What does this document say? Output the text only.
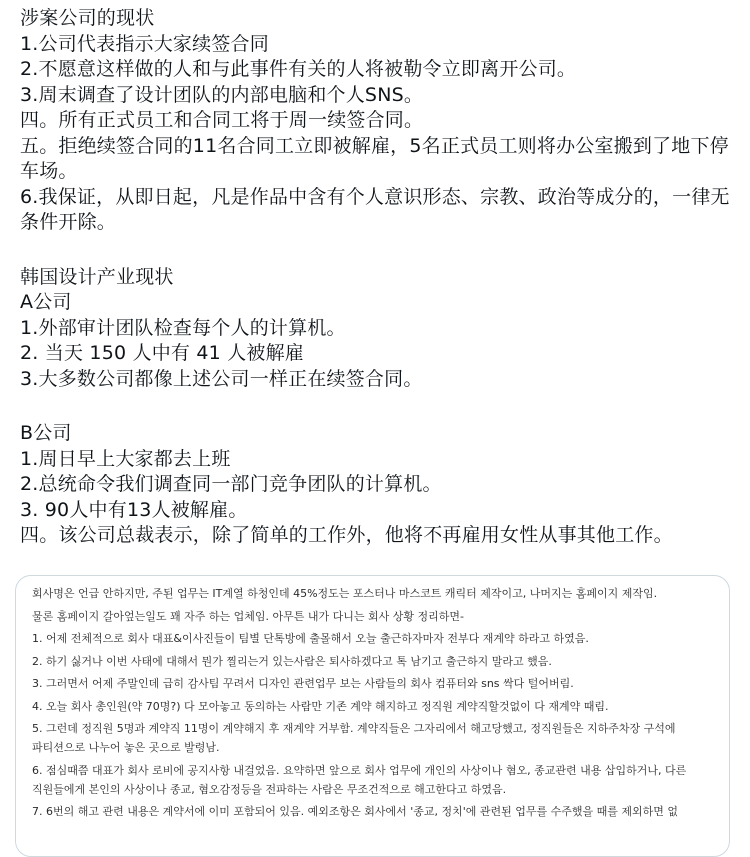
涉案公司的现状
1.公司代表指示大家续签合同
2.不愿意这样做的人和与此事件有关的人将被勒令立即离开公司。
3.周末调查了设计团队的内部电脑和个人SNS。
四。所有正式员工和合同工将于周一续签合同。
五。拒绝续签合同的11名合同工立即被解雇，5名正式员工则将办公室搬到了地下停车场。
6.我保证，从即日起，凡是作品中含有个人意识形态、宗教、政治等成分的，一律无条件开除。
韩国设计产业现状
A公司
1.外部审计团队检查每个人的计算机。
2. 当天 150 人中有 41 人被解雇
3.大多数公司都像上述公司一样正在续签合同。
B公司
1.周日早上大家都去上班
2.总统命令我们调查同一部门竞争团队的计算机。
3. 90人中有13人被解雇。
四。该公司总裁表示，除了简单的工作外，他将不再雇用女性从事其他工作。
회사명은 언급 안하지만, 주된 업무는 IT계열 하청인데 45%정도는 포스터나 마스코트 캐릭터 제작이고, 나머지는 홈페이지 제작임.
물론 홈페이지 갈아엎는일도 꽤 자주 하는 업체임. 아무튼 내가 다니는 회사 상황 정리하면-
1. 어제 전체적으로 회사 대표&이사진들이 팀별 단톡방에 출몰해서 오늘 출근하자마자 전부다 재계약 하라고 하였음.
2. 하기 싫거나 이번 사태에 대해서 뭔가 찔리는거 있는사람은 퇴사하겠다고 톡 남기고 출근하지 말라고 했음.
3. 그러면서 어제 주말인데 급히 감사팀 꾸려서 디자인 관련업무 보는 사람들의 회사 컴퓨터와 sns 싹다 털어버림.
4. 오늘 회사 총인원(약 70명?) 다 모아놓고 동의하는 사람만 기존 계약 해지하고 정직원 계약직할것없이 다 재계약 때림.
5. 그런데 정직원 5명과 계약직 11명이 계약해지 후 재계약 거부함. 계약직들은 그자리에서 해고당했고, 정직원들은 지하주차장 구석에
파티션으로 나누어 놓은 곳으로 발령남.
6. 점심때쯤 대표가 회사 로비에 공지사항 내걸었음. 요약하면 앞으로 회사 업무에 개인의 사상이나 혐오, 종교관련 내용 삽입하거나, 다른
직원들에게 본인의 사상이나 종교, 혐오감정등을 전파하는 사람은 무조건적으로 해고한다고 하였음.
7. 6번의 해고 관련 내용은 계약서에 이미 포함되어 있음. 예외조항은 회사에서 '종교, 정치'에 관련된 업무를 수주했을 때를 제외하면 없
